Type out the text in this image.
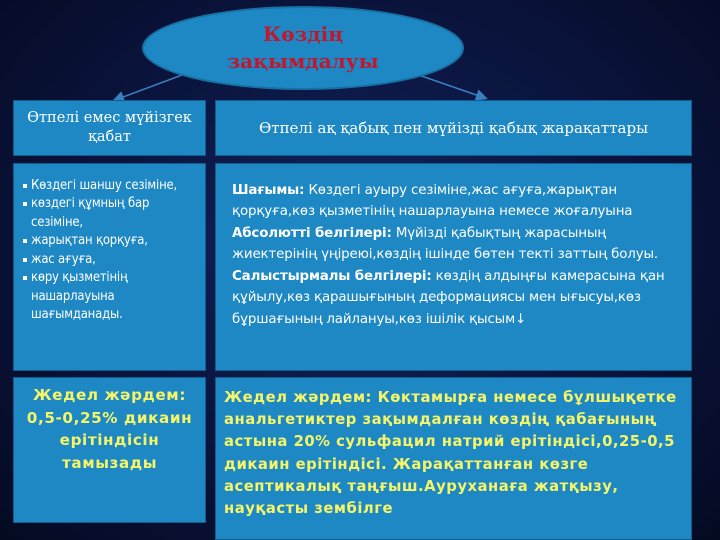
Көздің зақымдалуы
Өтпелі емес мүйізгек қабат	Өтпелі ақ қабық пен мүйізді қабық жарақаттары
Көздегі шаншу сезіміне,
көздегі құмның бар сезіміне,
жарықтан қорқуға,
жас ағуға,
көру қызметінің нашарлауына шағымданады.

Шағымы: Көздегі ауыру сезіміне,жас ағуға,жарықтан қорқуға,көз қызметінің нашарлауына немесе жоғалуына
Абсолютті белгілері: Мүйізді қабықтың жарасының жиектерінің үңіреюі,көздің ішінде бөтен текті заттың болуы.
Салыстырмалы белгілері: көздің алдыңғы камерасына қан құйылу,көз қарашығының деформациясы мен ығысуы,көз бұршағының лайлануы,көз ішілік қысым↓

Жедел жәрдем: 0,5-0,25% дикаин ерітіндісін тамызады
Жедел жәрдем: Көктамырға немесе бұлшықетке анальгетиктер зақымдалған көздің қабағының астына 20% сульфацил натрий ерітіндісі,0,25-0,5 дикаин ерітіндісі. Жарақаттанған көзге асептикалық таңғыш.Ауруханаға жатқызу, науқасты зембілге
